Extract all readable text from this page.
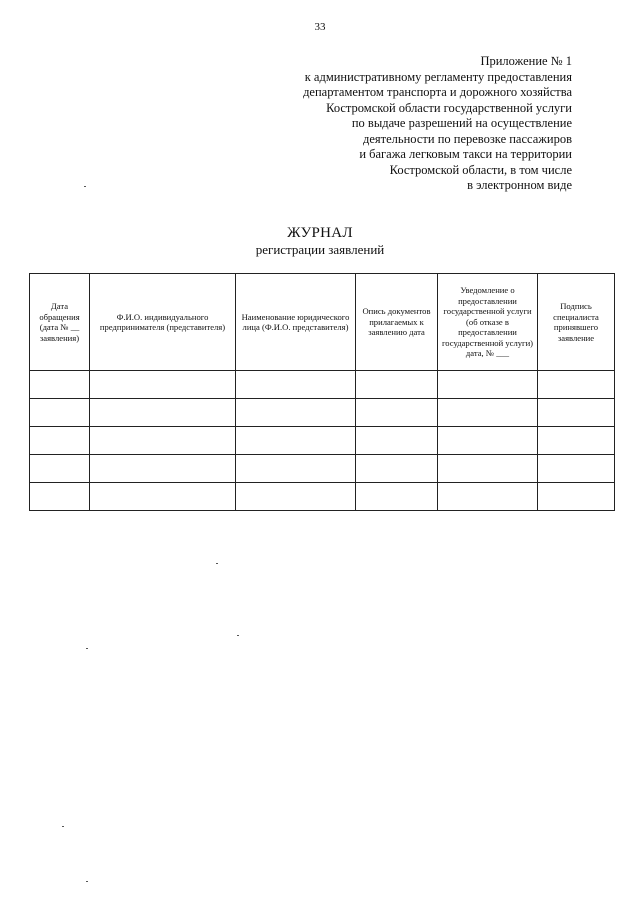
33
Приложение № 1
к административному регламенту предоставления
департаментом транспорта и дорожного хозяйства
Костромской области государственной услуги
по выдаче разрешений на осуществление
деятельности по перевозке пассажиров
и багажа легковым такси на территории
Костромской области, в том числе
в электронном виде
ЖУРНАЛ
регистрации заявлений
Дата обращения (дата № __ заявления)	Ф.И.О. индивидуального предпринимателя (представителя)	Наименование юридического лица (Ф.И.О. представителя)	Опись документов прилагаемых к заявлению дата	Уведомление о предоставлении государственной услуги (об отказе в предоставлении государственной услуги) дата, № ___	Подпись специалиста принявшего заявление
